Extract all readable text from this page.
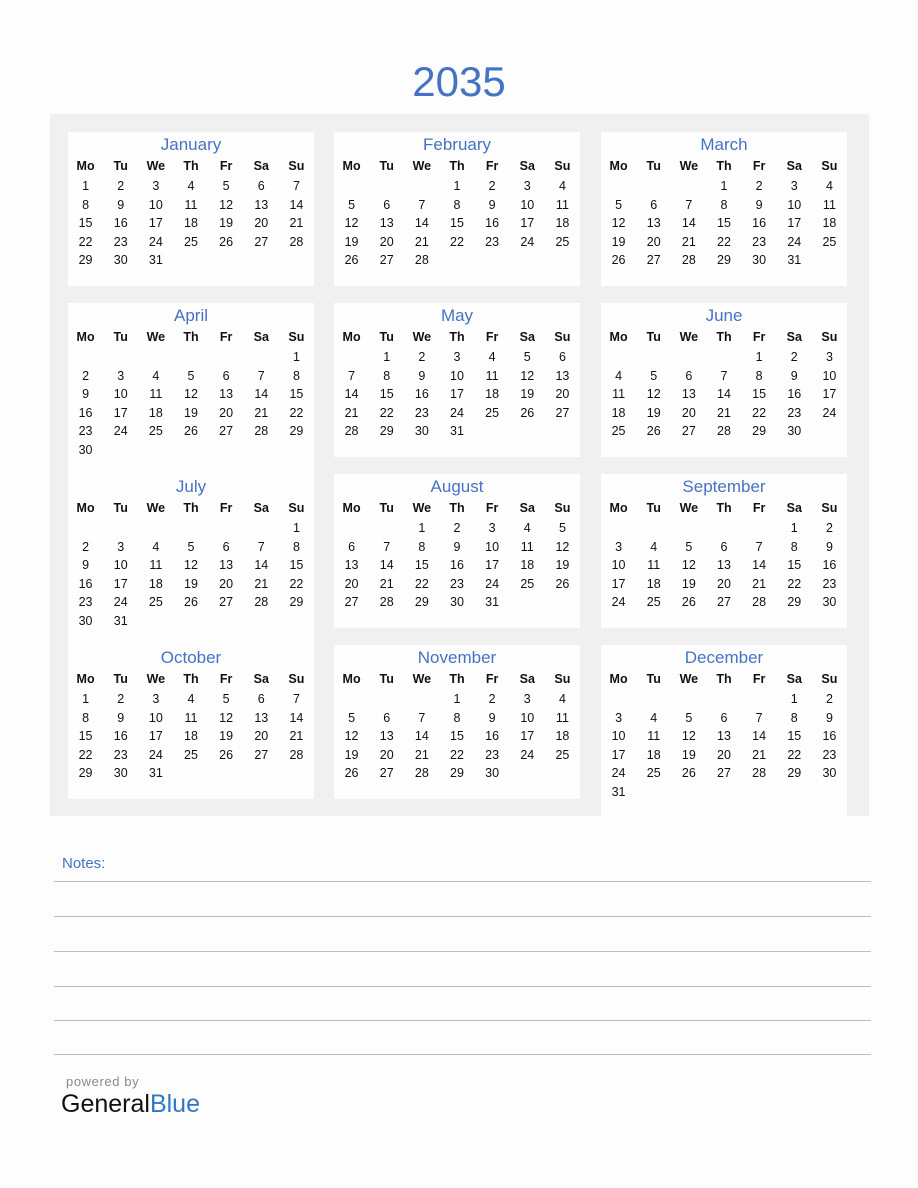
2035
January
Mo	Tu	We	Th	Fr	Sa	Su
1	2	3	4	5	6	7
8	9	10	11	12	13	14
15	16	17	18	19	20	21
22	23	24	25	26	27	28
29	30	31				
February
Mo	Tu	We	Th	Fr	Sa	Su
			1	2	3	4
5	6	7	8	9	10	11
12	13	14	15	16	17	18
19	20	21	22	23	24	25
26	27	28				
March
Mo	Tu	We	Th	Fr	Sa	Su
			1	2	3	4
5	6	7	8	9	10	11
12	13	14	15	16	17	18
19	20	21	22	23	24	25
26	27	28	29	30	31	
April
Mo	Tu	We	Th	Fr	Sa	Su
						1
2	3	4	5	6	7	8
9	10	11	12	13	14	15
16	17	18	19	20	21	22
23	24	25	26	27	28	29
30						
May
Mo	Tu	We	Th	Fr	Sa	Su
	1	2	3	4	5	6
7	8	9	10	11	12	13
14	15	16	17	18	19	20
21	22	23	24	25	26	27
28	29	30	31			
June
Mo	Tu	We	Th	Fr	Sa	Su
				1	2	3
4	5	6	7	8	9	10
11	12	13	14	15	16	17
18	19	20	21	22	23	24
25	26	27	28	29	30	
July
Mo	Tu	We	Th	Fr	Sa	Su
						1
2	3	4	5	6	7	8
9	10	11	12	13	14	15
16	17	18	19	20	21	22
23	24	25	26	27	28	29
30	31					
August
Mo	Tu	We	Th	Fr	Sa	Su
		1	2	3	4	5
6	7	8	9	10	11	12
13	14	15	16	17	18	19
20	21	22	23	24	25	26
27	28	29	30	31		
September
Mo	Tu	We	Th	Fr	Sa	Su
					1	2
3	4	5	6	7	8	9
10	11	12	13	14	15	16
17	18	19	20	21	22	23
24	25	26	27	28	29	30
October
Mo	Tu	We	Th	Fr	Sa	Su
1	2	3	4	5	6	7
8	9	10	11	12	13	14
15	16	17	18	19	20	21
22	23	24	25	26	27	28
29	30	31				
November
Mo	Tu	We	Th	Fr	Sa	Su
			1	2	3	4
5	6	7	8	9	10	11
12	13	14	15	16	17	18
19	20	21	22	23	24	25
26	27	28	29	30		
December
Mo	Tu	We	Th	Fr	Sa	Su
					1	2
3	4	5	6	7	8	9
10	11	12	13	14	15	16
17	18	19	20	21	22	23
24	25	26	27	28	29	30
31						
Notes:
powered by
GeneralBlue
